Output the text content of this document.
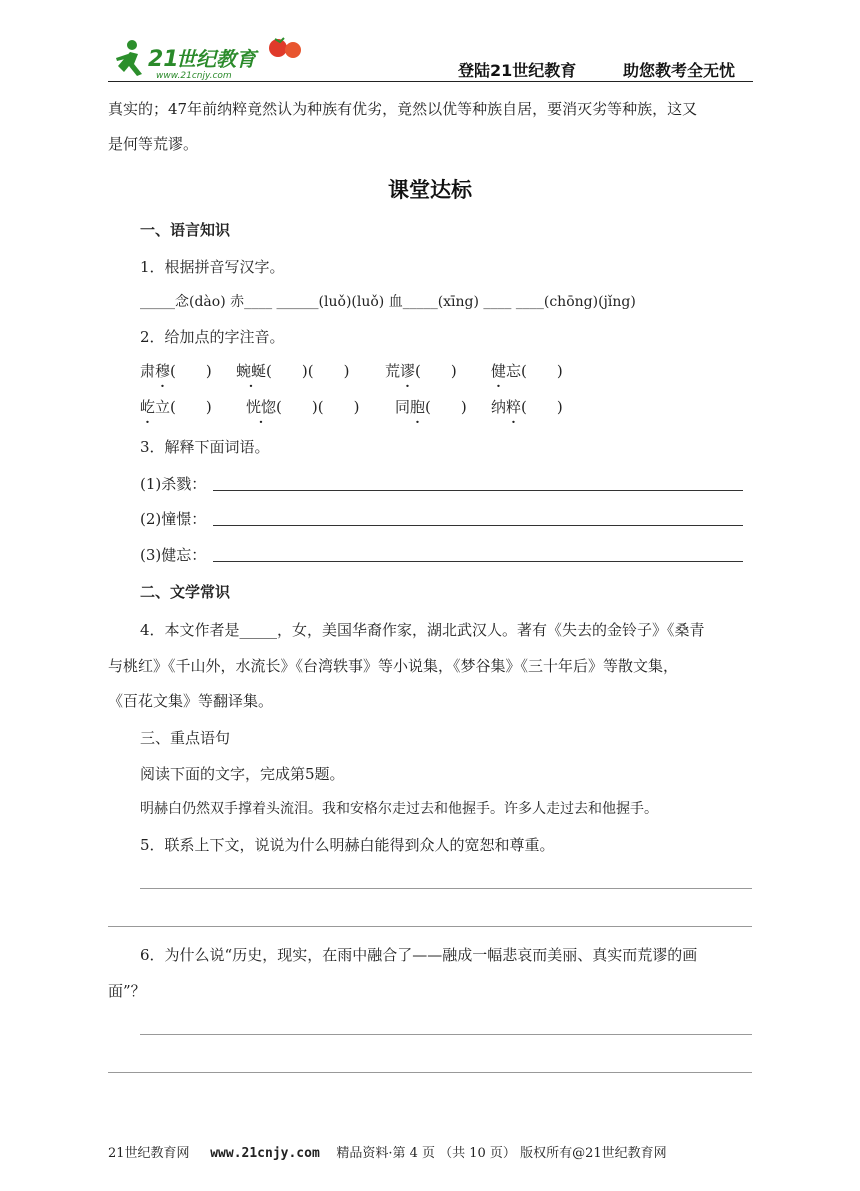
21
世纪教育
www.21cnjy.com	登陆21世纪教育	助您教考全无忧
真实的；47年前纳粹竟然认为种族有优劣，竟然以优等种族自居，要消灭劣等种族，这又
是何等荒谬。
课堂达标
一、语言知识
1．根据拼音写汉字。
_____念(dào) 赤____ ______(luǒ)(luǒ) 血_____(xīng) ____ ____(chōng)(jǐng)
2．给加点的字注音。
肃穆(　　) 蜿蜒(　　)(　　) 荒谬(　　) 健忘(　　)
屹立(　　) 恍惚(　　)(　　) 同胞(　　) 纳粹(　　)
3．解释下面词语。
(1)杀戮：
(2)憧憬：
(3)健忘：
二、文学常识
4．本文作者是_____，女，美国华裔作家，湖北武汉人。著有《失去的金铃子》《桑青
与桃红》《千山外，水流长》《台湾轶事》等小说集，《梦谷集》《三十年后》等散文集，
《百花文集》等翻译集。
三、重点语句
阅读下面的文字，完成第5题。
明赫白仍然双手撑着头流泪。我和安格尔走过去和他握手。许多人走过去和他握手。
5．联系上下文，说说为什么明赫白能得到众人的宽恕和尊重。
6．为什么说“历史，现实，在雨中融合了——融成一幅悲哀而美丽、真实而荒谬的画
面”？
21世纪教育网 www.21cnjy.com 精品资料·第 4 页 （共 10 页） 版权所有@21世纪教育网
